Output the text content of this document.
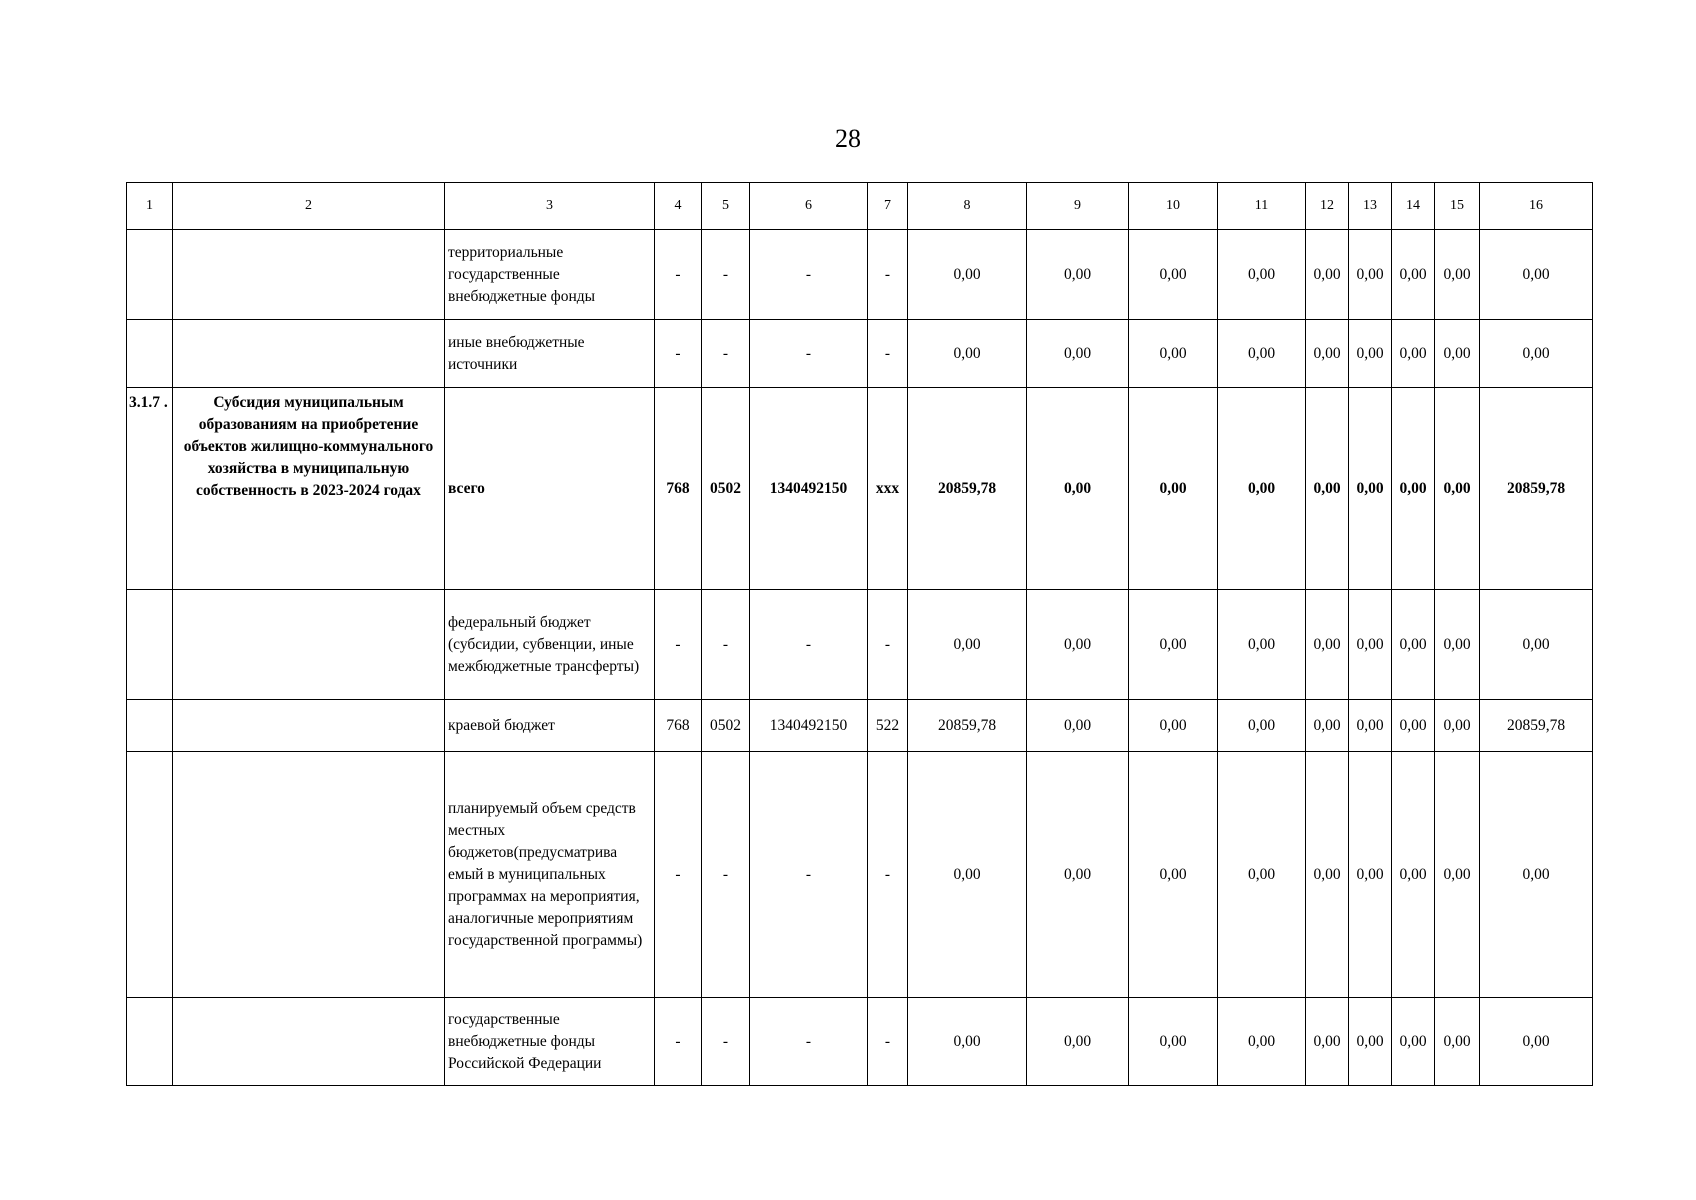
28
1	2	3	4	5	6	7	8	9	10	11	12	13	14	15	16
		территориальные государственные внебюджетные фонды	-	-	-	-	0,00	0,00	0,00	0,00	0,00	0,00	0,00	0,00	0,00
		иные внебюджетные источники	-	-	-	-	0,00	0,00	0,00	0,00	0,00	0,00	0,00	0,00	0,00
3.1.7 .	Субсидия муниципальным образованиям на приобретение объектов жилищно-коммунального хозяйства в муниципальную собственность в 2023-2024 годах	всего	768	0502	1340492150	ххх	20859,78	0,00	0,00	0,00	0,00	0,00	0,00	0,00	20859,78
		федеральный бюджет (субсидии, субвенции, иные межбюджетные трансферты)	-	-	-	-	0,00	0,00	0,00	0,00	0,00	0,00	0,00	0,00	0,00
		краевой бюджет	768	0502	1340492150	522	20859,78	0,00	0,00	0,00	0,00	0,00	0,00	0,00	20859,78
		планируемый объем средств местных бюджетов(предусматрива емый в муниципальных программах на мероприятия, аналогичные мероприятиям государственной программы)	-	-	-	-	0,00	0,00	0,00	0,00	0,00	0,00	0,00	0,00	0,00
		государственные внебюджетные фонды Российской Федерации	-	-	-	-	0,00	0,00	0,00	0,00	0,00	0,00	0,00	0,00	0,00
